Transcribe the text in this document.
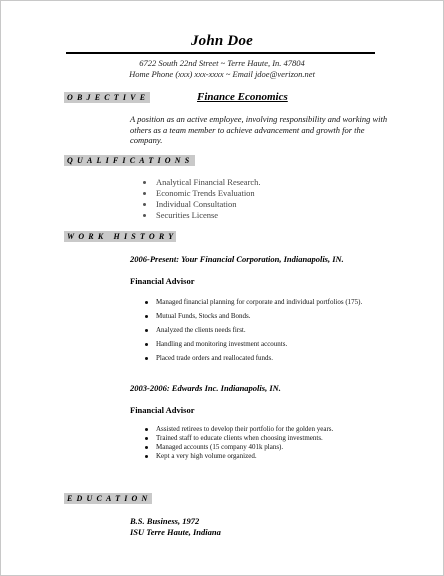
John Doe
6722 South 22nd Street ~ Terre Haute, In. 47804
Home Phone (xxx) xxx-xxxx ~ Email jdoe@verizon.net
OBJECTIVE	Finance Economics
A position as an active employee, involving responsibility and working with others as a team member to achieve advancement and growth for the company.
QUALIFICATIONS
Analytical Financial Research.
Economic Trends Evaluation
Individual Consultation
Securities License
WORK HISTORY
2006-Present: Your Financial Corporation, Indianapolis, IN.
Financial Advisor
Managed financial planning for corporate and individual portfolios (175).
Mutual Funds, Stocks and Bonds.
Analyzed the clients needs first.
Handling and monitoring investment accounts.
Placed trade orders and reallocated funds.
2003-2006: Edwards Inc. Indianapolis, IN.
Financial Advisor
Assisted retirees to develop their portfolio for the golden years.
Trained staff to educate clients when choosing investments.
Managed accounts (15 company 401k plans).
Kept a very high volume organized.
EDUCATION
B.S. Business, 1972
ISU Terre Haute, Indiana
